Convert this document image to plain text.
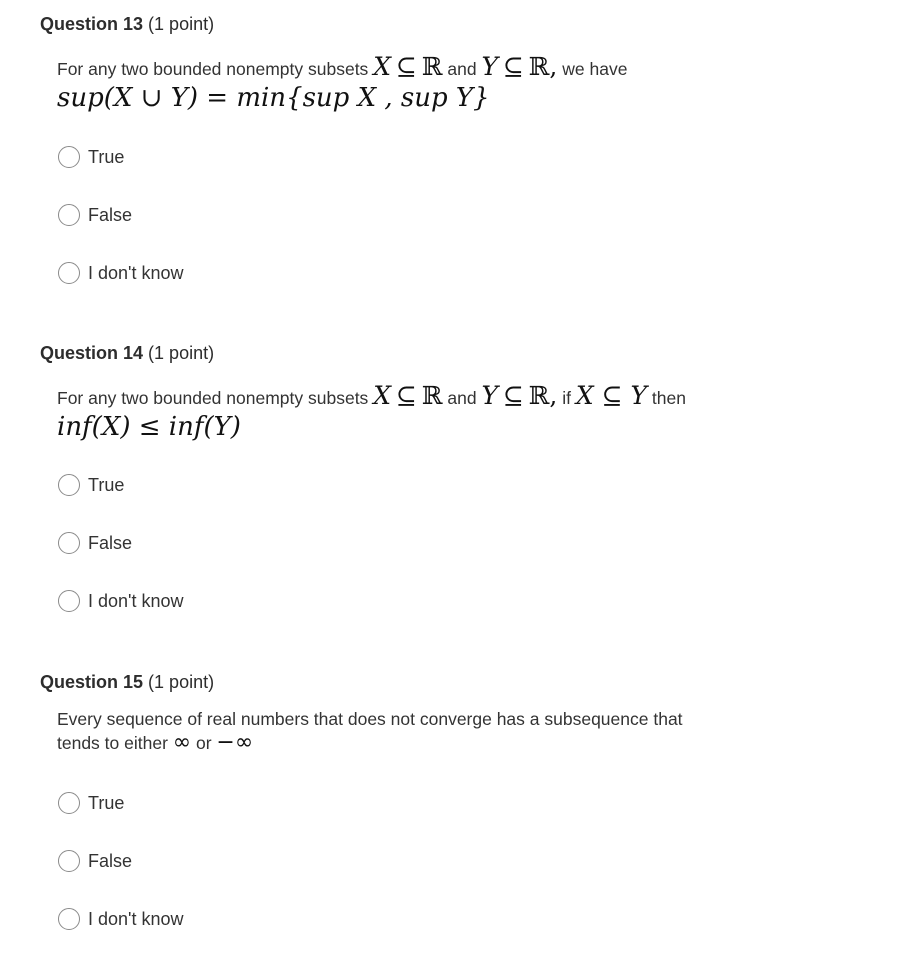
Question 13 (1 point)

For any two bounded nonempty subsets X ⊆ ℝ and Y ⊆ ℝ, we have
sup(X ∪ Y) = min{sup X , sup Y}
True
False
I don't know

Question 14 (1 point)

For any two bounded nonempty subsets X ⊆ ℝ and Y ⊆ ℝ, if X ⊆ Y then
inf(X) ≤ inf(Y)
True
False
I don't know

Question 15 (1 point)

Every sequence of real numbers that does not converge has a subsequence that
tends to either ∞ or −∞
True
False
I don't know
